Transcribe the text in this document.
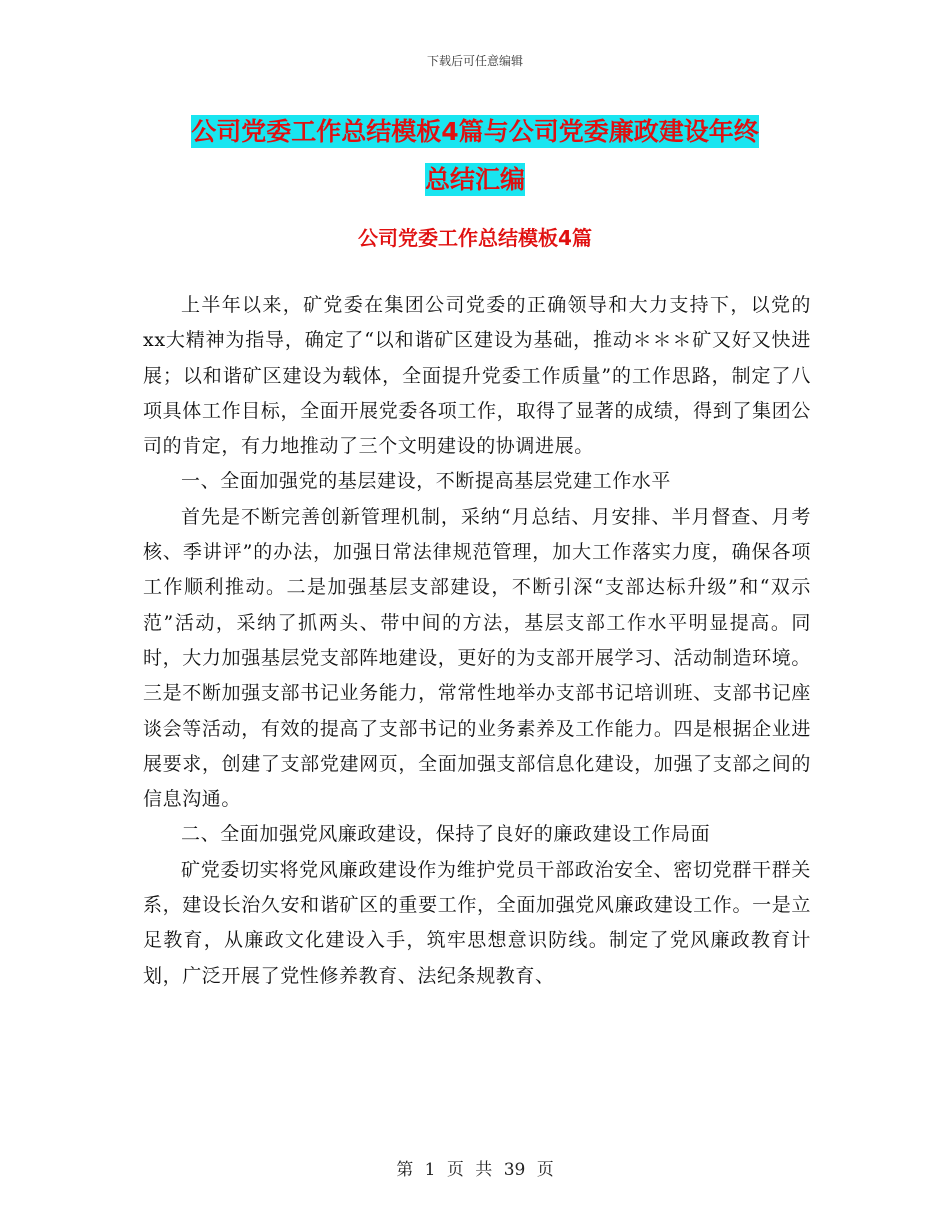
下载后可任意编辑
公司党委工作总结模板4篇与公司党委廉政建设年终
总结汇编
公司党委工作总结模板4篇

上半年以来，矿党委在集团公司党委的正确领导和大力支持下，以党的xx大精神为指导，确定了“以和谐矿区建设为基础，推动＊＊＊矿又好又快进展；以和谐矿区建设为载体，全面提升党委工作质量”的工作思路，制定了八项具体工作目标，全面开展党委各项工作，取得了显著的成绩，得到了集团公司的肯定，有力地推动了三个文明建设的协调进展。

一、全面加强党的基层建设，不断提高基层党建工作水平

首先是不断完善创新管理机制，采纳“月总结、月安排、半月督查、月考核、季讲评”的办法，加强日常法律规范管理，加大工作落实力度，确保各项工作顺利推动。二是加强基层支部建设，不断引深“支部达标升级”和“双示范”活动，采纳了抓两头、带中间的方法，基层支部工作水平明显提高。同时，大力加强基层党支部阵地建设，更好的为支部开展学习、活动制造环境。三是不断加强支部书记业务能力，常常性地举办支部书记培训班、支部书记座谈会等活动，有效的提高了支部书记的业务素养及工作能力。四是根据企业进展要求，创建了支部党建网页，全面加强支部信息化建设，加强了支部之间的信息沟通。

二、全面加强党风廉政建设，保持了良好的廉政建设工作局面

矿党委切实将党风廉政建设作为维护党员干部政治安全、密切党群干群关系，建设长治久安和谐矿区的重要工作，全面加强党风廉政建设工作。一是立足教育，从廉政文化建设入手，筑牢思想意识防线。制定了党风廉政教育计划，广泛开展了党性修养教育、法纪条规教育、

第 1 页 共 39 页
